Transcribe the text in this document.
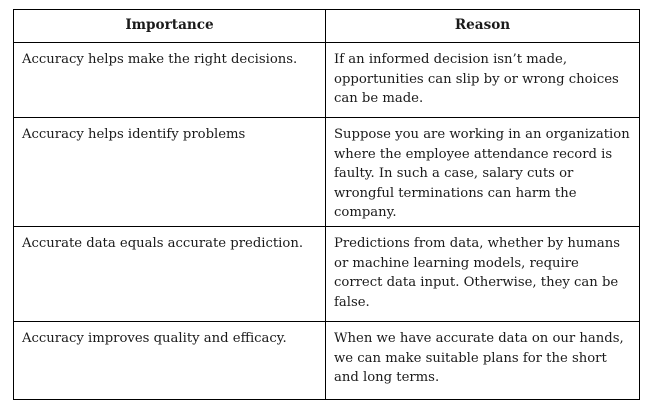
Importance	Reason

Accuracy helps make the right decisions.	If an informed decision isn’t made, opportunities can slip by or wrong choices can be made.

Accuracy helps identify problems	Suppose you are working in an organization where the employee attendance record is faulty. In such a case, salary cuts or wrongful terminations can harm the company.

Accurate data equals accurate prediction.	Predictions from data, whether by humans or machine learning models, require correct data input. Otherwise, they can be false.

Accuracy improves quality and efficacy.	When we have accurate data on our hands, we can make suitable plans for the short and long terms.
